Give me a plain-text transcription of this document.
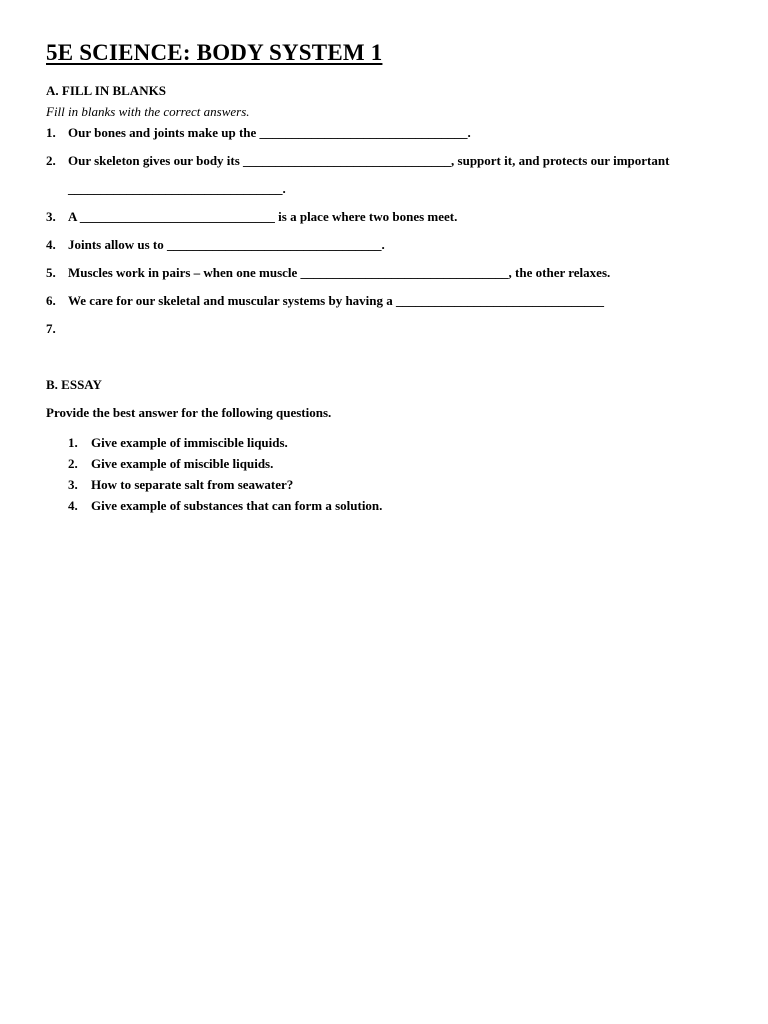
5E SCIENCE: BODY SYSTEM 1

A. FILL IN BLANKS

Fill in blanks with the correct answers.

1. Our bones and joints make up the ________________________________.
2. Our skeleton gives our body its ________________________________, support it, and protects our important
_________________________________.
3. A ______________________________ is a place where two bones meet.
4. Joints allow us to _________________________________.
5. Muscles work in pairs – when one muscle ________________________________, the other relaxes.
6. We care for our skeletal and muscular systems by having a ________________________________
7.

B. ESSAY

Provide the best answer for the following questions.

1. Give example of immiscible liquids.
2. Give example of miscible liquids.
3. How to separate salt from seawater?
4. Give example of substances that can form a solution.
